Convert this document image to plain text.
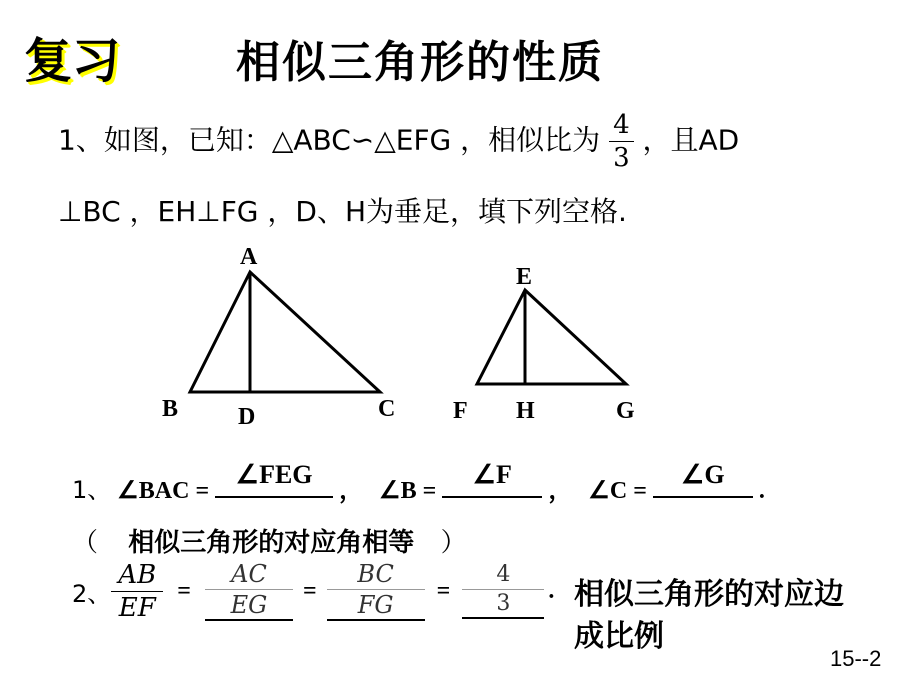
复习	相似三角形的性质
1、如图，已知：△ABC∽△EFG ，相似比为 $\frac{4}{3}$ ，且AD
⊥BC ，EH⊥FG ，D、H为垂足，填下列空格.
A
B	C
D
E
F H	G
1、 ∠BAC =
∠FEG
， ∠B =
∠F
， ∠C =
∠G
.
（ 相似三角形的对应角相等 ）
2、 $\frac{AB}{EF} = \frac{AC}{EG} = \frac{BC}{FG} = \frac{4}{3}$ . 相似三角形的对应边
成比例
15--2
